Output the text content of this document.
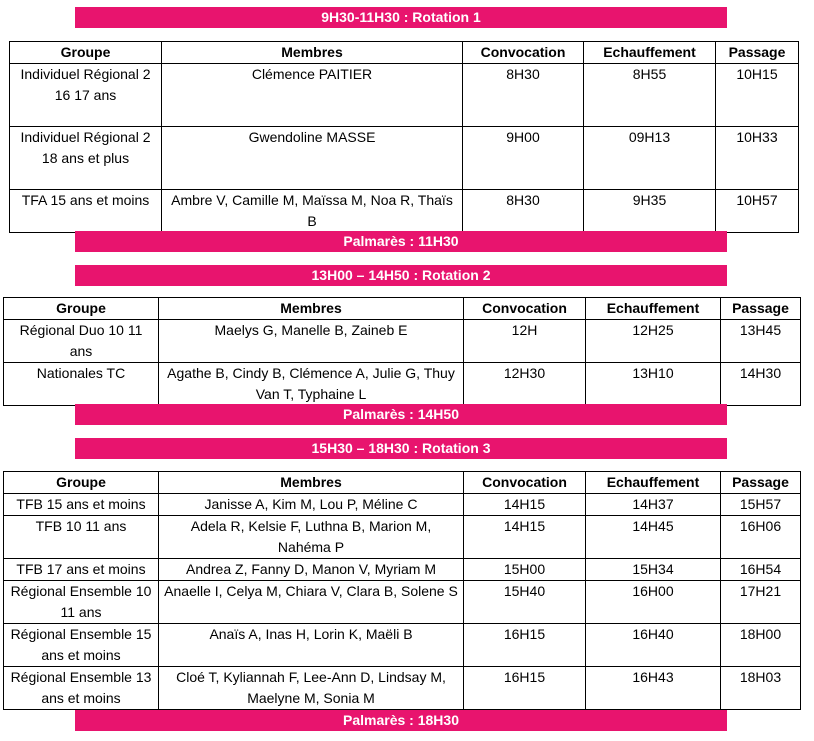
9H30-11H30 : Rotation 1
Groupe	Membres	Convocation	Echauffement	Passage
Individuel Régional 2 16 17 ans	Clémence PAITIER	8H30	8H55	10H15
Individuel Régional 2 18 ans et plus	Gwendoline MASSE	9H00	09H13	10H33
TFA 15 ans et moins	Ambre V, Camille M, Maïssa M, Noa R, Thaïs B	8H30	9H35	10H57
Palmarès : 11H30
13H00 – 14H50 : Rotation 2
Groupe	Membres	Convocation	Echauffement	Passage
Régional Duo 10 11 ans	Maelys G, Manelle B, Zaineb E	12H	12H25	13H45
Nationales TC	Agathe B, Cindy B, Clémence A, Julie G, Thuy Van T, Typhaine L	12H30	13H10	14H30
Palmarès : 14H50
15H30 – 18H30 : Rotation 3
Groupe	Membres	Convocation	Echauffement	Passage
TFB 15 ans et moins	Janisse A, Kim M, Lou P, Méline C	14H15	14H37	15H57
TFB 10 11 ans	Adela R, Kelsie F, Luthna B, Marion M, Nahéma P	14H15	14H45	16H06
TFB 17 ans et moins	Andrea Z, Fanny D, Manon V, Myriam M	15H00	15H34	16H54
Régional Ensemble 10 11 ans	Anaelle I, Celya M, Chiara V, Clara B, Solene S	15H40	16H00	17H21
Régional Ensemble 15 ans et moins	Anaïs A, Inas H, Lorin K, Maëli B	16H15	16H40	18H00
Régional Ensemble 13 ans et moins	Cloé T, Kyliannah F, Lee-Ann D, Lindsay M, Maelyne M, Sonia M	16H15	16H43	18H03
Palmarès : 18H30
